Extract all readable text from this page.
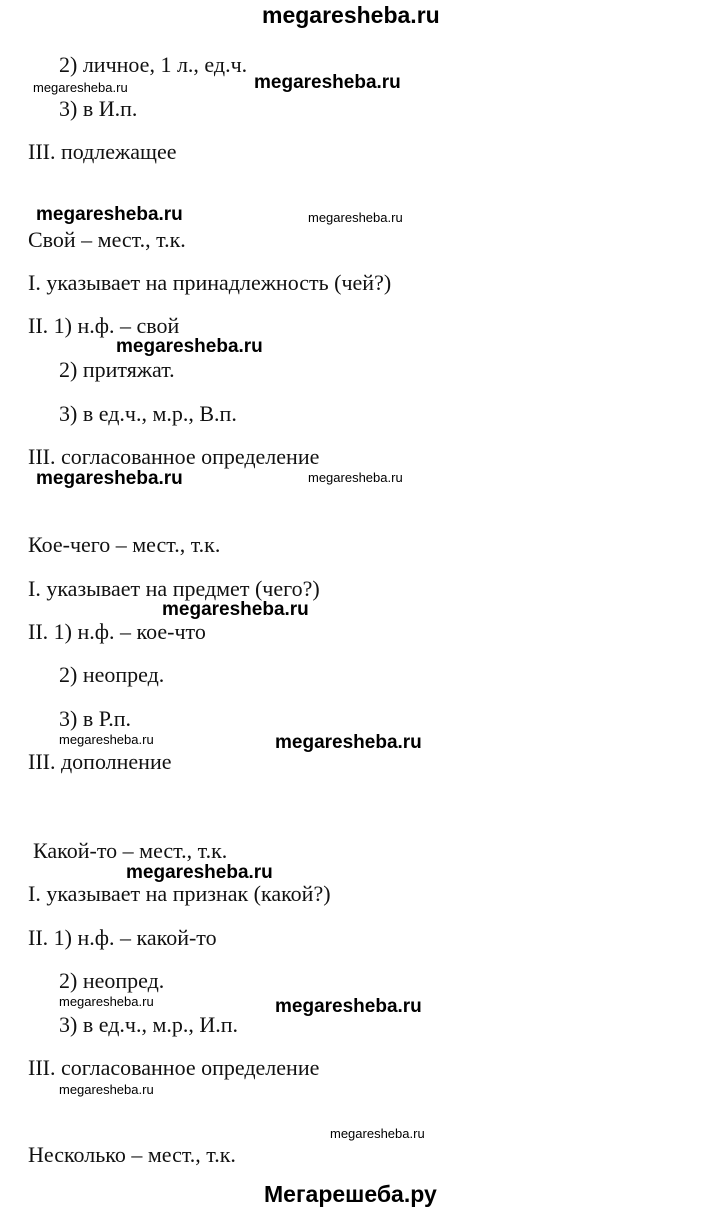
megaresheba.ru
2) личное, 1 л., ед.ч.
3) в И.п.
III. подлежащее
Свой – мест., т.к.
I. указывает на принадлежность (чей?)
II. 1) н.ф. – свой
2) притяжат.
3) в ед.ч., м.р., В.п.
III. согласованное определение
Кое-чего – мест., т.к.
I. указывает на предмет (чего?)
II. 1) н.ф. – кое-что
2) неопред.
3) в Р.п.
III. дополнение
Какой-то – мест., т.к.
I. указывает на признак (какой?)
II. 1) н.ф. – какой-то
2) неопред.
3) в ед.ч., м.р., И.п.
III. согласованное определение
Несколько – мест., т.к.
megaresheba.ru	megaresheba.ru
megaresheba.ru	megaresheba.ru
megaresheba.ru
megaresheba.ru	megaresheba.ru
megaresheba.ru
megaresheba.ru	megaresheba.ru
megaresheba.ru
megaresheba.ru	megaresheba.ru
megaresheba.ru
megaresheba.ru
Мегарешеба.ру
